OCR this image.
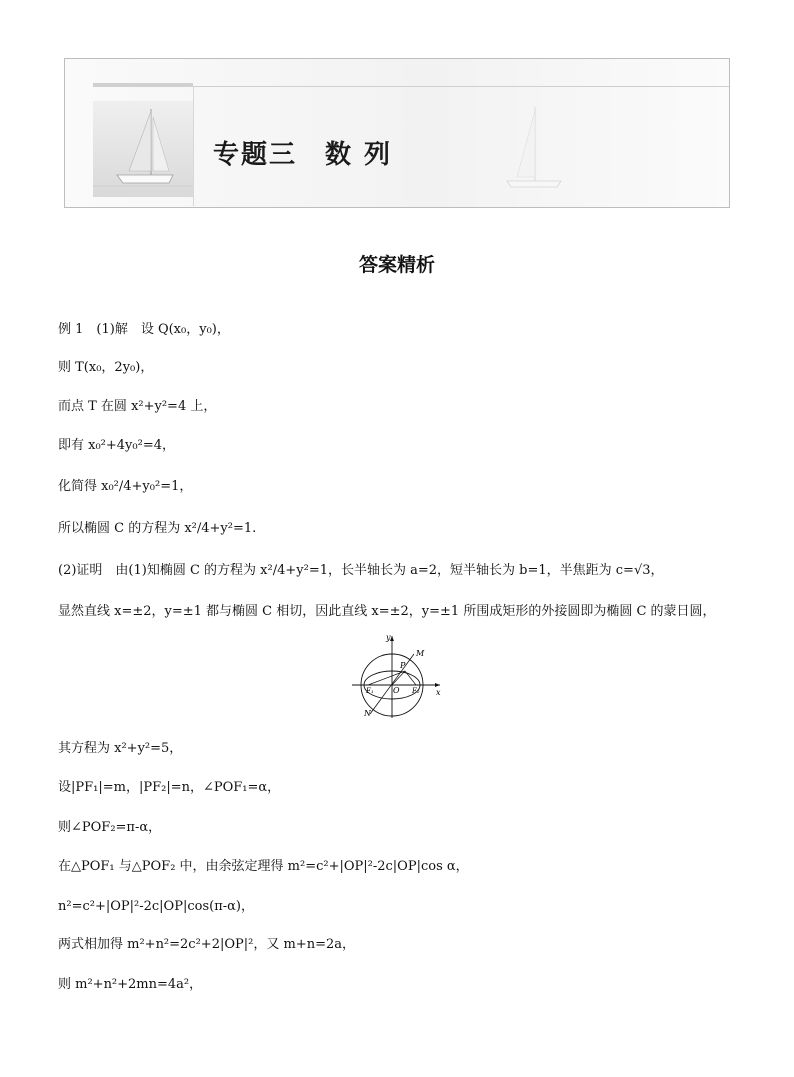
专题三　数 列
答案精析
例 1　(1)解　设 Q(x₀，y₀)，
则 T(x₀，2y₀)，
而点 T 在圆 x²+y²=4 上，
即有 x₀²+4y₀²=4，
化简得 x₀²/4+y₀²=1，
所以椭圆 C 的方程为 x²/4+y²=1.
(2)证明　由(1)知椭圆 C 的方程为 x²/4+y²=1，长半轴长为 a=2，短半轴长为 b=1，半焦距为 c=√3，
显然直线 x=±2，y=±1 都与椭圆 C 相切，因此直线 x=±2，y=±1 所围成矩形的外接圆即为椭圆 C 的蒙日圆，
y
x
M
P
O
F₁	F₂
N
其方程为 x²+y²=5，
设|PF₁|=m，|PF₂|=n，∠POF₁=α，
则∠POF₂=π-α，
在△POF₁ 与△POF₂ 中，由余弦定理得 m²=c²+|OP|²-2c|OP|cos α，
n²=c²+|OP|²-2c|OP|cos(π-α)，
两式相加得 m²+n²=2c²+2|OP|²，又 m+n=2a，
则 m²+n²+2mn=4a²，
